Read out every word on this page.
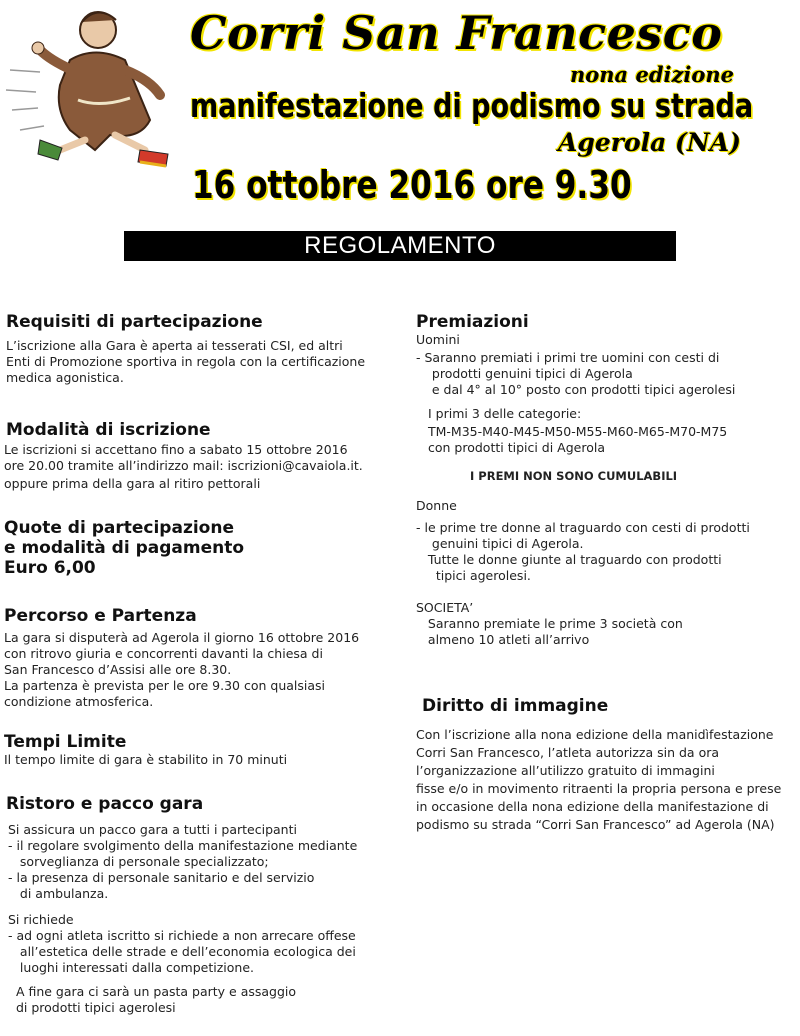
Corri San Francesco
nona edizione
manifestazione di podismo su strada
Agerola (NA)
16 ottobre 2016 ore 9.30
REGOLAMENTO
Requisiti di partecipazione
L’iscrizione alla Gara è aperta ai tesserati CSI, ed altri
Enti di Promozione sportiva in regola con la certificazione
medica agonistica.
Modalità di iscrizione
Le iscrizioni si accettano fino a sabato 15 ottobre 2016
ore 20.00 tramite all’indirizzo mail: iscrizioni@cavaiola.it.
oppure prima della gara al ritiro pettorali
Quote di partecipazione
e modalità di pagamento
Euro 6,00
Percorso e Partenza
La gara si disputerà ad Agerola il giorno 16 ottobre 2016
con ritrovo giuria e concorrenti davanti la chiesa di
San Francesco d’Assisi alle ore 8.30.
La partenza è prevista per le ore 9.30 con qualsiasi
condizione atmosferica.
Tempi Limite
Il tempo limite di gara è stabilito in 70 minuti
Ristoro e pacco gara
Si assicura un pacco gara a tutti i partecipanti
- il regolare svolgimento della manifestazione mediante
sorveglianza di personale specializzato;
- la presenza di personale sanitario e del servizio
di ambulanza.
Si richiede
- ad ogni atleta iscritto si richiede a non arrecare offese
all’estetica delle strade e dell’economia ecologica dei
luoghi interessati dalla competizione.
A fine gara ci sarà un pasta party e assaggio
di prodotti tipici agerolesi
Premiazioni
Uomini
- Saranno premiati i primi tre uomini con cesti di
prodotti genuini tipici di Agerola
e dal 4° al 10° posto con prodotti tipici agerolesi
I primi 3 delle categorie:
TM-M35-M40-M45-M50-M55-M60-M65-M70-M75
con prodotti tipici di Agerola
I PREMI NON SONO CUMULABILI
Donne
- le prime tre donne al traguardo con cesti di prodotti
genuini tipici di Agerola.
Tutte le donne giunte al traguardo con prodotti
tipici agerolesi.
SOCIETA’
Saranno premiate le prime 3 società con
almeno 10 atleti all’arrivo
Diritto di immagine
Con l’iscrizione alla nona edizione della manidìfestazione
Corri San Francesco, l’atleta autorizza sin da ora
l’organizzazione all’utilizzo gratuito di immagini
fisse e/o in movimento ritraenti la propria persona e prese
in occasione della nona edizione della manifestazione di
podismo su strada “Corri San Francesco” ad Agerola (NA)
